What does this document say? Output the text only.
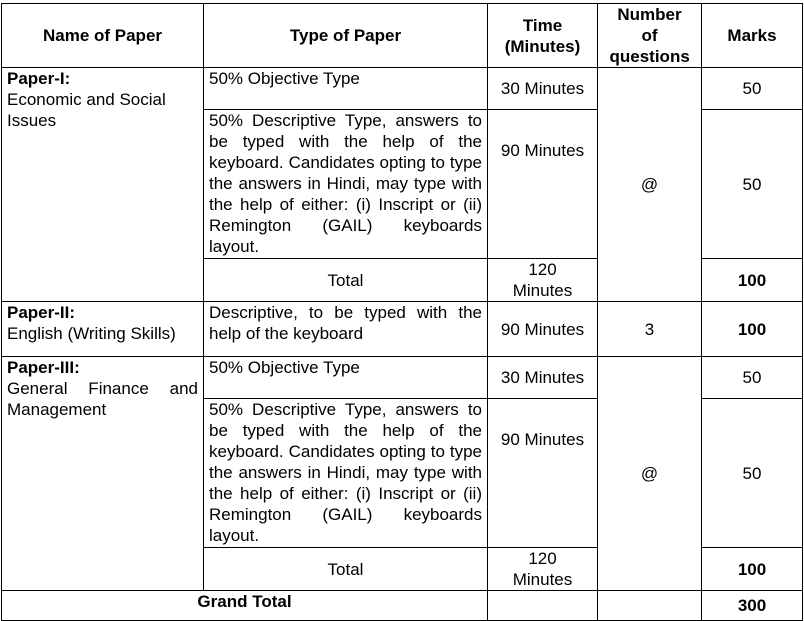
Name of Paper	Type of Paper	Time (Minutes)	Number of questions	Marks

Paper-I:
Economic and Social Issues	50% Objective Type	30 Minutes	@	50
	50% Descriptive Type, answers to be typed with the help of the keyboard. Candidates opting to type the answers in Hindi, may type with the help of either: (i) Inscript or (ii) Remington (GAIL) keyboards layout.	90 Minutes		50
	Total	120 Minutes		100

Paper-II:
English (Writing Skills)	Descriptive, to be typed with the help of the keyboard	90 Minutes	3	100

Paper-III:
General Finance and Management	50% Objective Type	30 Minutes	@	50
	50% Descriptive Type, answers to be typed with the help of the keyboard. Candidates opting to type the answers in Hindi, may type with the help of either: (i) Inscript or (ii) Remington (GAIL) keyboards layout.	90 Minutes		50
	Total	120 Minutes		100
Grand Total				300
